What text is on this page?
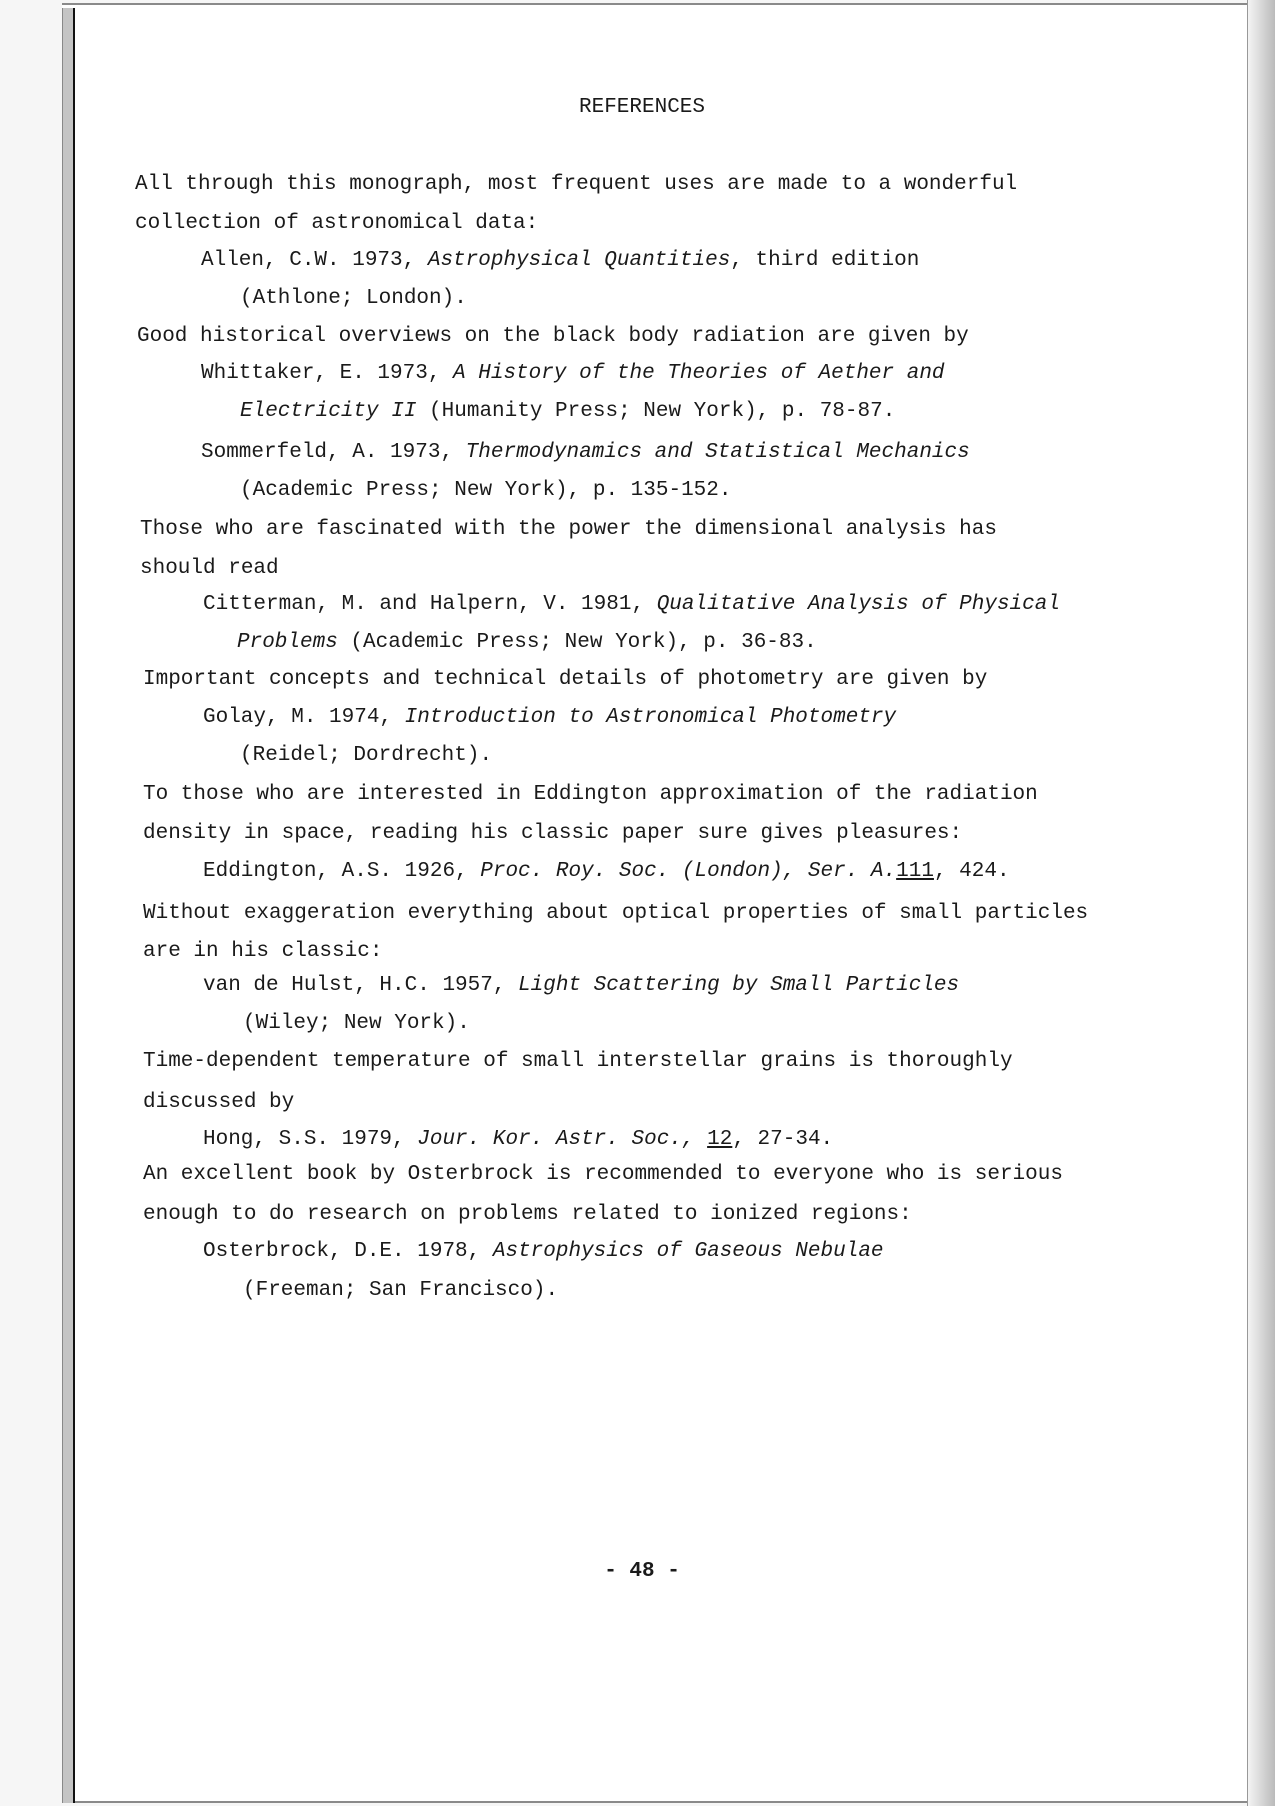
REFERENCES
All through this monograph, most frequent uses are made to a wonderful
collection of astronomical data:
Allen, C.W. 1973, Astrophysical Quantities, third edition
(Athlone; London).
Good historical overviews on the black body radiation are given by
Whittaker, E. 1973, A History of the Theories of Aether and
Electricity II (Humanity Press; New York), p. 78-87.
Sommerfeld, A. 1973, Thermodynamics and Statistical Mechanics
(Academic Press; New York), p. 135-152.
Those who are fascinated with the power the dimensional analysis has
should read
Citterman, M. and Halpern, V. 1981, Qualitative Analysis of Physical
Problems (Academic Press; New York), p. 36-83.
Important concepts and technical details of photometry are given by
Golay, M. 1974, Introduction to Astronomical Photometry
(Reidel; Dordrecht).
To those who are interested in Eddington approximation of the radiation
density in space, reading his classic paper sure gives pleasures:
Eddington, A.S. 1926, Proc. Roy. Soc. (London), Ser. A.111, 424.
Without exaggeration everything about optical properties of small particles
are in his classic:
van de Hulst, H.C. 1957, Light Scattering by Small Particles
(Wiley; New York).
Time-dependent temperature of small interstellar grains is thoroughly
discussed by
Hong, S.S. 1979, Jour. Kor. Astr. Soc., 12, 27-34.
An excellent book by Osterbrock is recommended to everyone who is serious
enough to do research on problems related to ionized regions:
Osterbrock, D.E. 1978, Astrophysics of Gaseous Nebulae
(Freeman; San Francisco).
- 48 -
